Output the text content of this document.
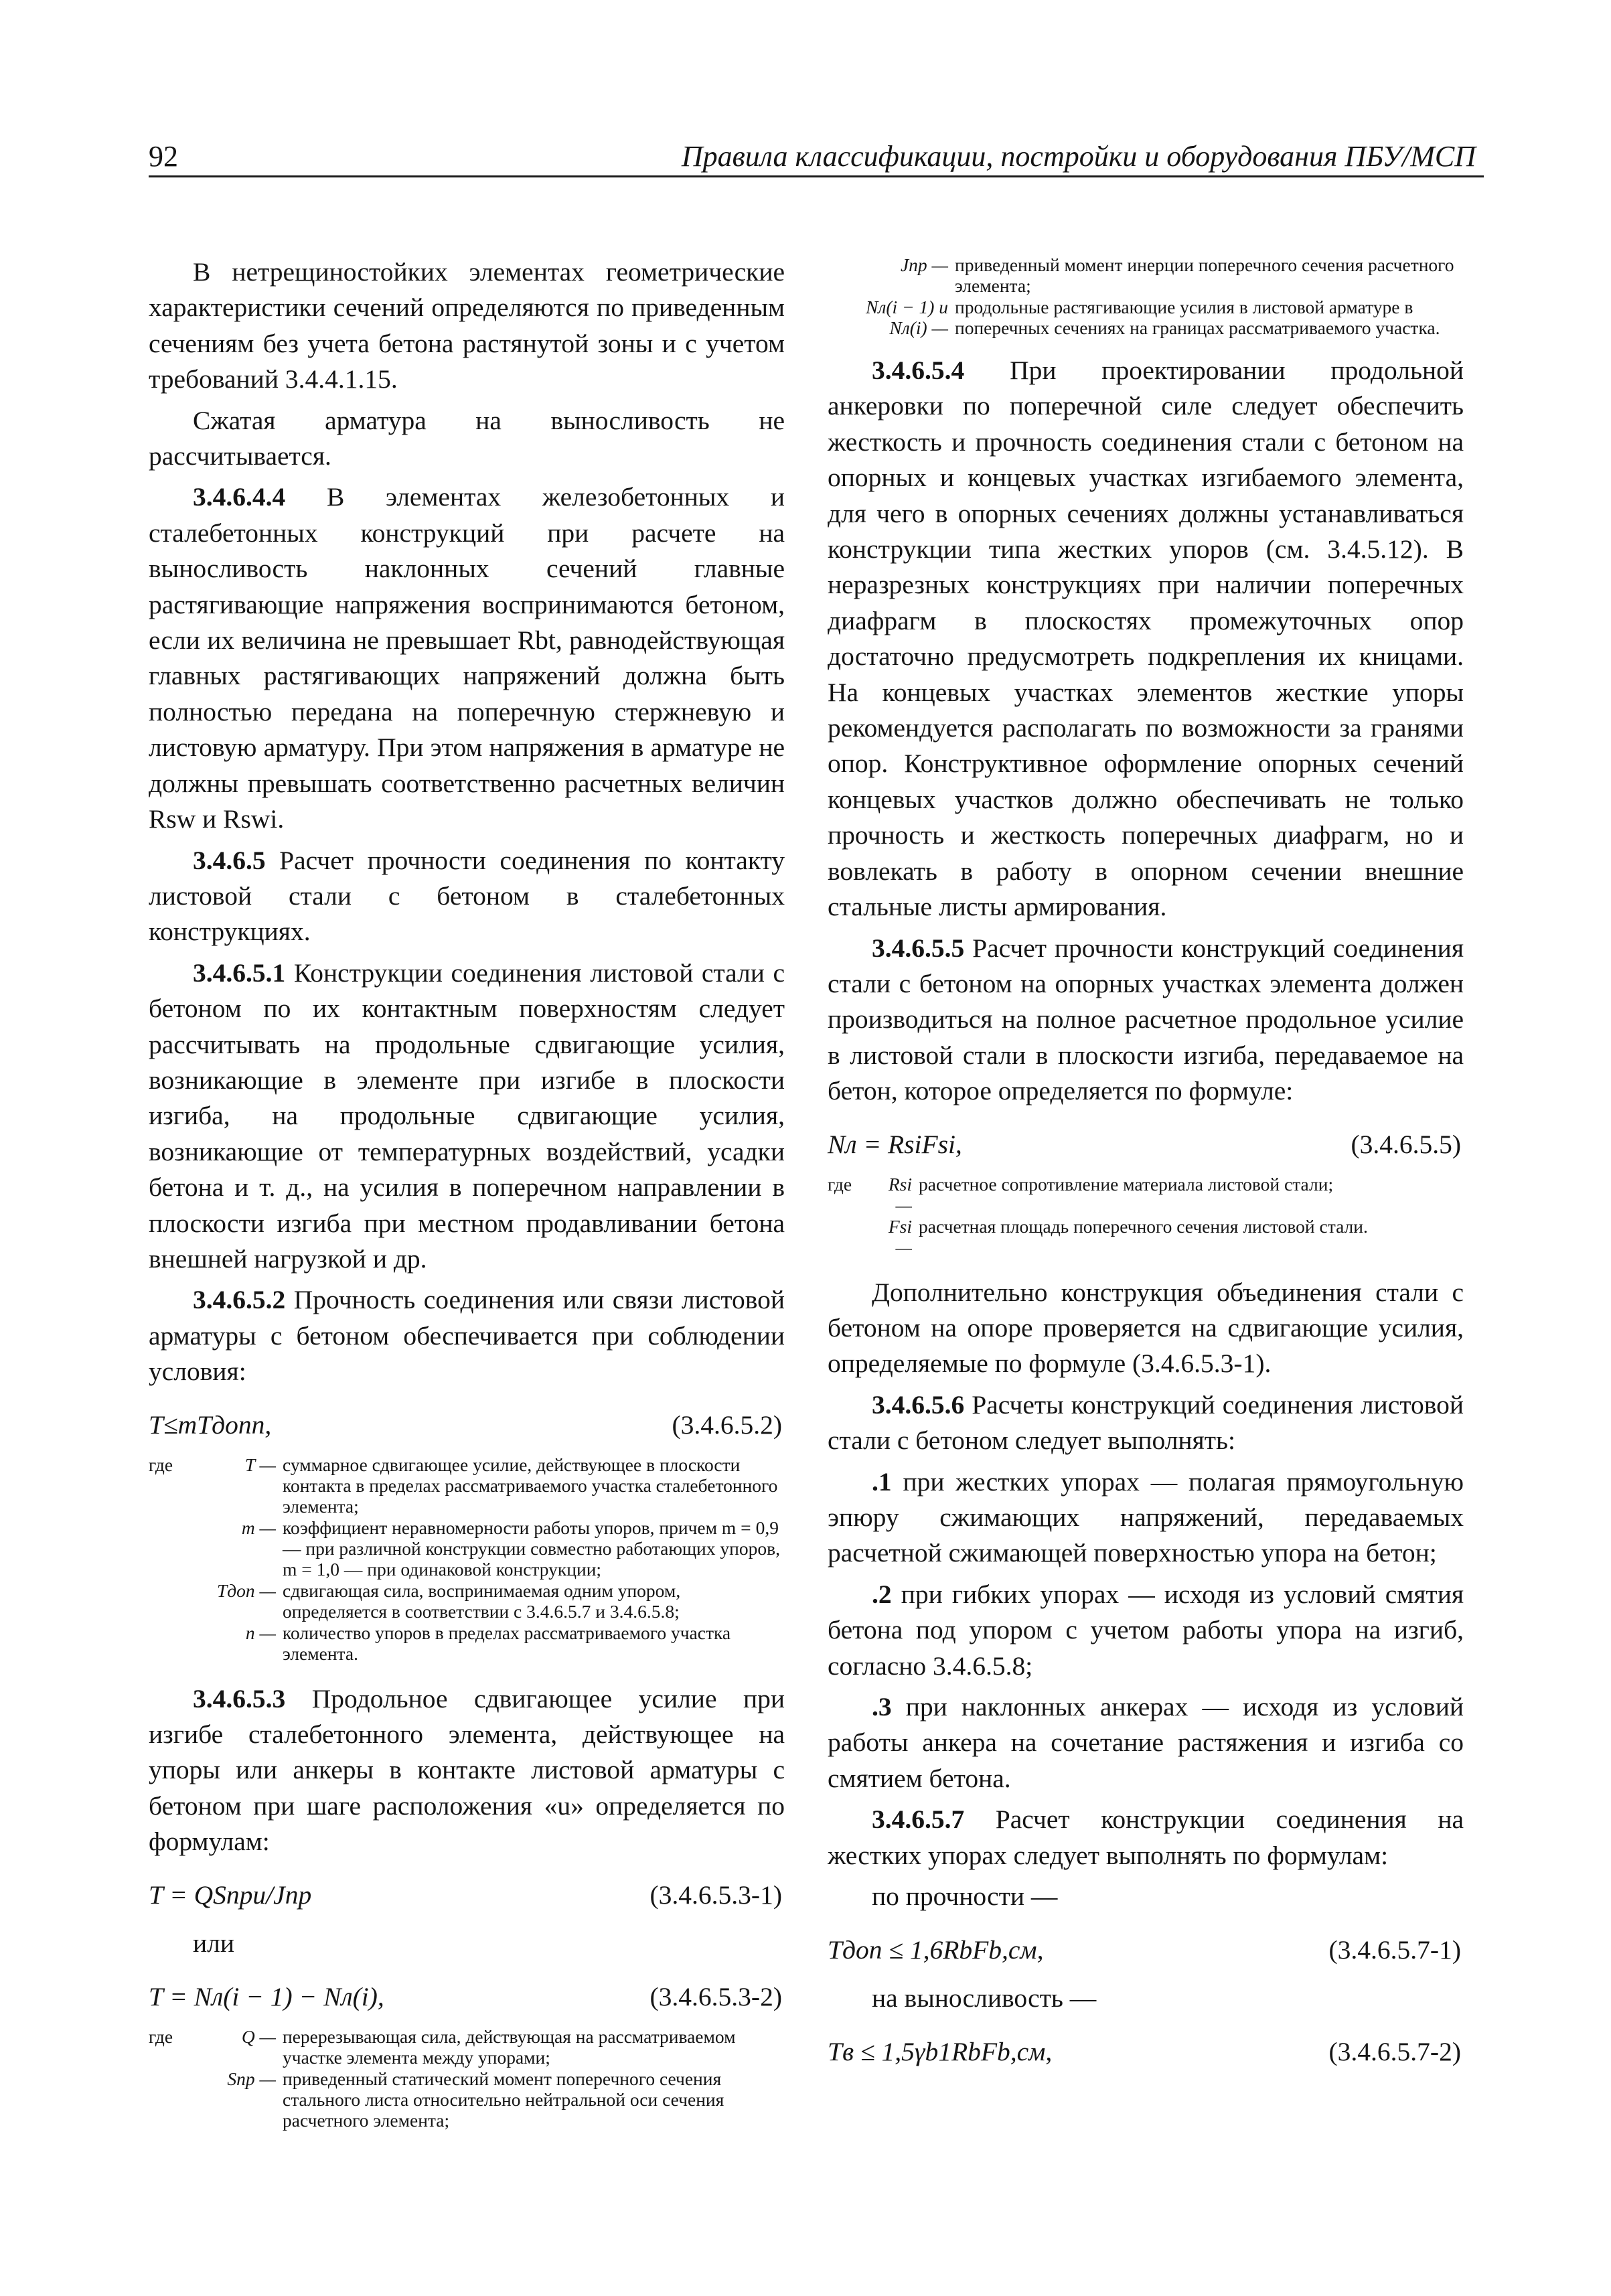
92	Правила классификации, постройки и оборудования ПБУ/МСП

В нетрещиностойких элементах геометрические характеристики сечений определяются по приведенным сечениям без учета бетона растянутой зоны и с учетом требований 3.4.4.1.15.

Сжатая арматура на выносливость не рассчитывается.

3.4.6.4.4 В элементах железобетонных и сталебетонных конструкций при расчете на выносливость наклонных сечений главные растягивающие напряжения воспринимаются бетоном, если их величина не превышает Rbt, равнодействующая главных растягивающих напряжений должна быть полностью передана на поперечную стержневую и листовую арматуру. При этом напряжения в арматуре не должны превышать соответственно расчетных величин Rsw и Rswi.

3.4.6.5 Расчет прочности соединения по контакту листовой стали с бетоном в сталебетонных конструкциях.

3.4.6.5.1 Конструкции соединения листовой стали с бетоном по их контактным поверхностям следует рассчитывать на продольные сдвигающие усилия, возникающие в элементе при изгибе в плоскости изгиба, на продольные сдвигающие усилия, возникающие от температурных воздействий, усадки бетона и т. д., на усилия в поперечном направлении в плоскости изгиба при местном продавливании бетона внешней нагрузкой и др.

3.4.6.5.2 Прочность соединения или связи листовой арматуры с бетоном обеспечивается при соблюдении условия:

T≤mTдопn,	(3.4.6.5.2)
где	T — суммарное сдвигающее усилие, действующее в плоскости контакта в пределах рассматриваемого участка сталебетонного элемента;
m — коэффициент неравномерности работы упоров, причем m = 0,9 — при различной конструкции совместно работающих упоров, m = 1,0 — при одинаковой конструкции;
Tдоп — сдвигающая сила, воспринимаемая одним упором, определяется в соответствии с 3.4.6.5.7 и 3.4.6.5.8;
n — количество упоров в пределах рассматриваемого участка элемента.

3.4.6.5.3 Продольное сдвигающее усилие при изгибе сталебетонного элемента, действующее на упоры или анкеры в контакте листовой арматуры с бетоном при шаге расположения «u» определяется по формулам:

T = QSпрu/Jпр	(3.4.6.5.3-1)
или
T = Nл(i − 1) − Nл(i),	(3.4.6.5.3-2)
где	Q — перерезывающая сила, действующая на рассматриваемом участке элемента между упорами;
Sпр — приведенный статический момент поперечного сечения стального листа относительно нейтральной оси сечения расчетного элемента;
Jпр — приведенный момент инерции поперечного сечения расчетного элемента;
Nл(i − 1) и Nл(i) —
продольные растягивающие усилия в листовой арматуре в поперечных сечениях на границах рассматриваемого участка.

3.4.6.5.4 При проектировании продольной анкеровки по поперечной силе следует обеспечить жесткость и прочность соединения стали с бетоном на опорных и концевых участках изгибаемого элемента, для чего в опорных сечениях должны устанавливаться конструкции типа жестких упоров (см. 3.4.5.12). В неразрезных конструкциях при наличии поперечных диафрагм в плоскостях промежуточных опор достаточно предусмотреть подкрепления их кницами. На концевых участках элементов жесткие упоры рекомендуется располагать по возможности за гранями опор. Конструктивное оформление опорных сечений концевых участков должно обеспечивать не только прочность и жесткость поперечных диафрагм, но и вовлекать в работу в опорном сечении внешние стальные листы армирования.

3.4.6.5.5 Расчет прочности конструкций соединения стали с бетоном на опорных участках элемента должен производиться на полное расчетное продольное усилие в листовой стали в плоскости изгиба, передаваемое на бетон, которое определяется по формуле:

Nл = RsiFsi,	(3.4.6.5.5)
где	Rsi —
расчетное сопротивление материала листовой стали;
Fsi —
расчетная площадь поперечного сечения листовой стали.

Дополнительно конструкция объединения стали с бетоном на опоре проверяется на сдвигающие усилия, определяемые по формуле (3.4.6.5.3-1).

3.4.6.5.6 Расчеты конструкций соединения листовой стали с бетоном следует выполнять:

.1 при жестких упорах — полагая прямоугольную эпюру сжимающих напряжений, передаваемых расчетной сжимающей поверхностью упора на бетон;

.2 при гибких упорах — исходя из условий смятия бетона под упором с учетом работы упора на изгиб, согласно 3.4.6.5.8;

.3 при наклонных анкерах — исходя из условий работы анкера на сочетание растяжения и изгиба со смятием бетона.

3.4.6.5.7 Расчет конструкции соединения на жестких упорах следует выполнять по формулам:

по прочности —
Tдоп ≤ 1,6RbFb,см,	(3.4.6.5.7-1)
на выносливость —
Tв ≤ 1,5γb1RbFb,см,	(3.4.6.5.7-2)
